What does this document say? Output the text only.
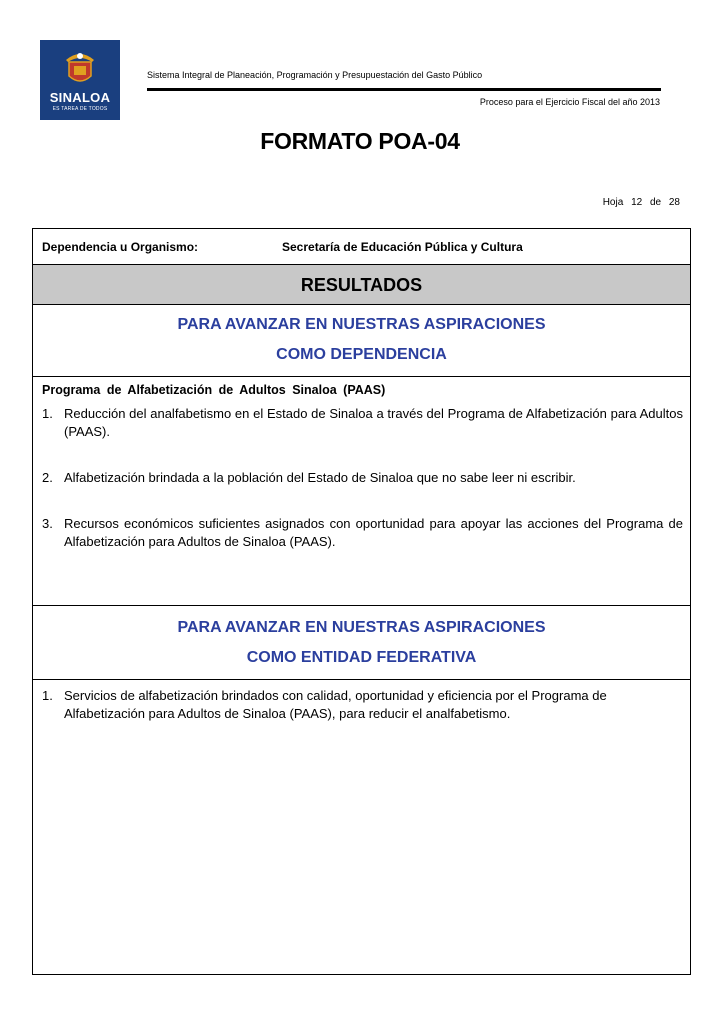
SINALOA
ES TAREA DE TODOS
Sistema Integral de Planeación, Programación y Presupuestación del Gasto Público
Proceso para el Ejercicio Fiscal del año 2013
FORMATO POA-04
Hoja 12 de 28
Dependencia u Organismo:	Secretaría de Educación Pública y Cultura
RESULTADOS
PARA AVANZAR EN NUESTRAS ASPIRACIONES
COMO DEPENDENCIA
Programa de Alfabetización de Adultos Sinaloa (PAAS)
1. Reducción del analfabetismo en el Estado de Sinaloa a través del Programa de Alfabetización para Adultos (PAAS).
2. Alfabetización brindada a la población del Estado de Sinaloa que no sabe leer ni escribir.
3. Recursos económicos suficientes asignados con oportunidad para apoyar las acciones del Programa de Alfabetización para Adultos de Sinaloa (PAAS).
PARA AVANZAR EN NUESTRAS ASPIRACIONES
COMO ENTIDAD FEDERATIVA
1. Servicios de alfabetización brindados con calidad, oportunidad y eficiencia por el Programa de Alfabetización para Adultos de Sinaloa (PAAS), para reducir el analfabetismo.
